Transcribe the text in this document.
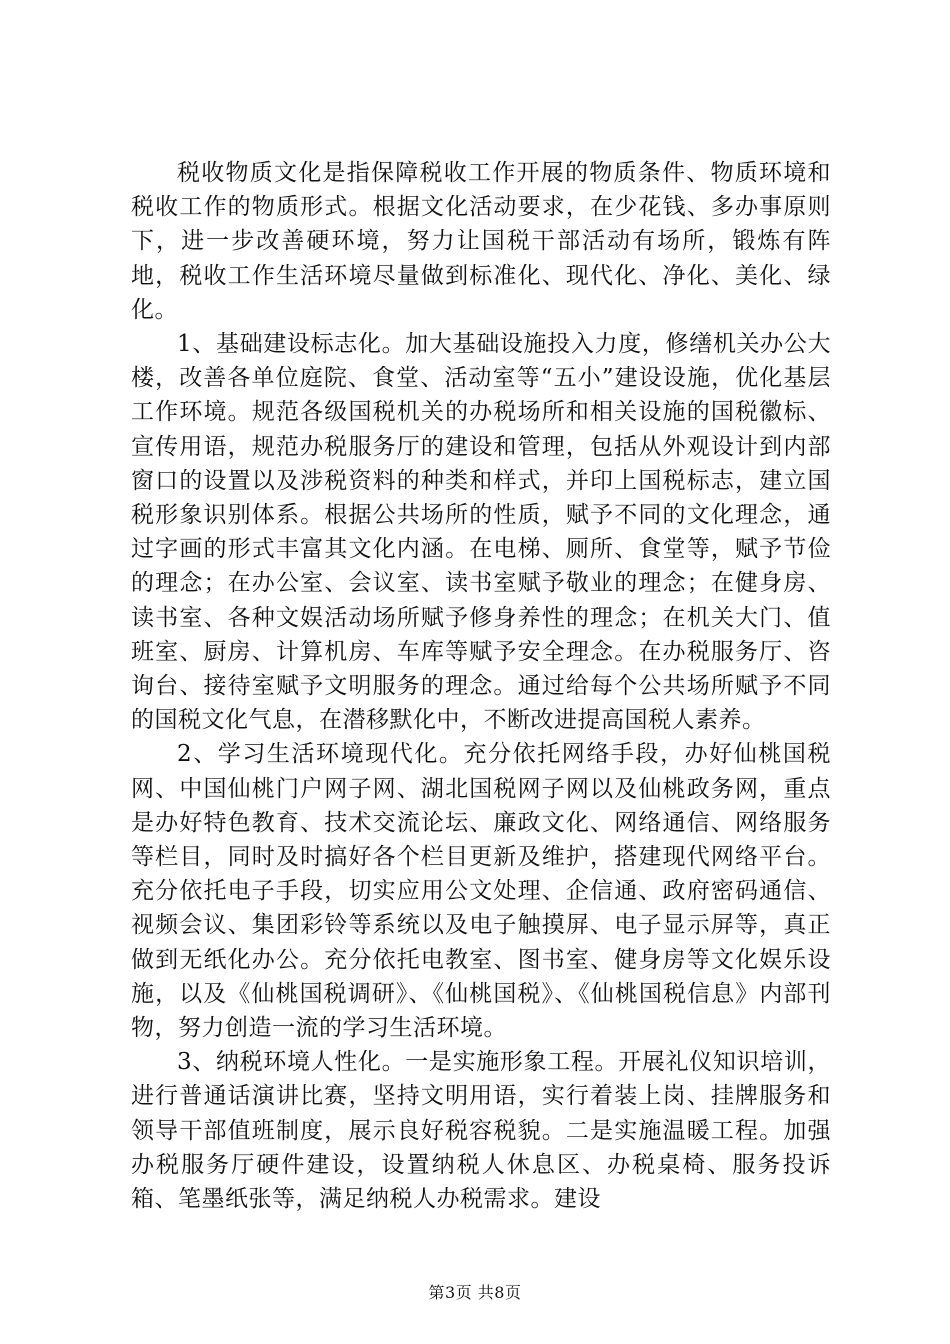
税收物质文化是指保障税收工作开展的物质条件、物质环境和税收工作的物质形式。根据文化活动要求，在少花钱、多办事原则下，进一步改善硬环境，努力让国税干部活动有场所，锻炼有阵地，税收工作生活环境尽量做到标准化、现代化、净化、美化、绿化。

1、基础建设标志化。加大基础设施投入力度，修缮机关办公大楼，改善各单位庭院、食堂、活动室等“五小”建设设施，优化基层工作环境。规范各级国税机关的办税场所和相关设施的国税徽标、宣传用语，规范办税服务厅的建设和管理，包括从外观设计到内部窗口的设置以及涉税资料的种类和样式，并印上国税标志，建立国税形象识别体系。根据公共场所的性质，赋予不同的文化理念，通过字画的形式丰富其文化内涵。在电梯、厕所、食堂等，赋予节俭的理念；在办公室、会议室、读书室赋予敬业的理念；在健身房、读书室、各种文娱活动场所赋予修身养性的理念；在机关大门、值班室、厨房、计算机房、车库等赋予安全理念。在办税服务厅、咨询台、接待室赋予文明服务的理念。通过给每个公共场所赋予不同的国税文化气息，在潜移默化中，不断改进提高国税人素养。

2、学习生活环境现代化。充分依托网络手段，办好仙桃国税网、中国仙桃门户网子网、湖北国税网子网以及仙桃政务网，重点是办好特色教育、技术交流论坛、廉政文化、网络通信、网络服务等栏目，同时及时搞好各个栏目更新及维护，搭建现代网络平台。充分依托电子手段，切实应用公文处理、企信通、政府密码通信、视频会议、集团彩铃等系统以及电子触摸屏、电子显示屏等，真正做到无纸化办公。充分依托电教室、图书室、健身房等文化娱乐设施，以及《仙桃国税调研》、《仙桃国税》、《仙桃国税信息》内部刊物，努力创造一流的学习生活环境。

3、纳税环境人性化。一是实施形象工程。开展礼仪知识培训，进行普通话演讲比赛，坚持文明用语，实行着装上岗、挂牌服务和领导干部值班制度，展示良好税容税貌。二是实施温暖工程。加强办税服务厅硬件建设，设置纳税人休息区、办税桌椅、服务投诉箱、笔墨纸张等，满足纳税人办税需求。建设

第3页 共8页
